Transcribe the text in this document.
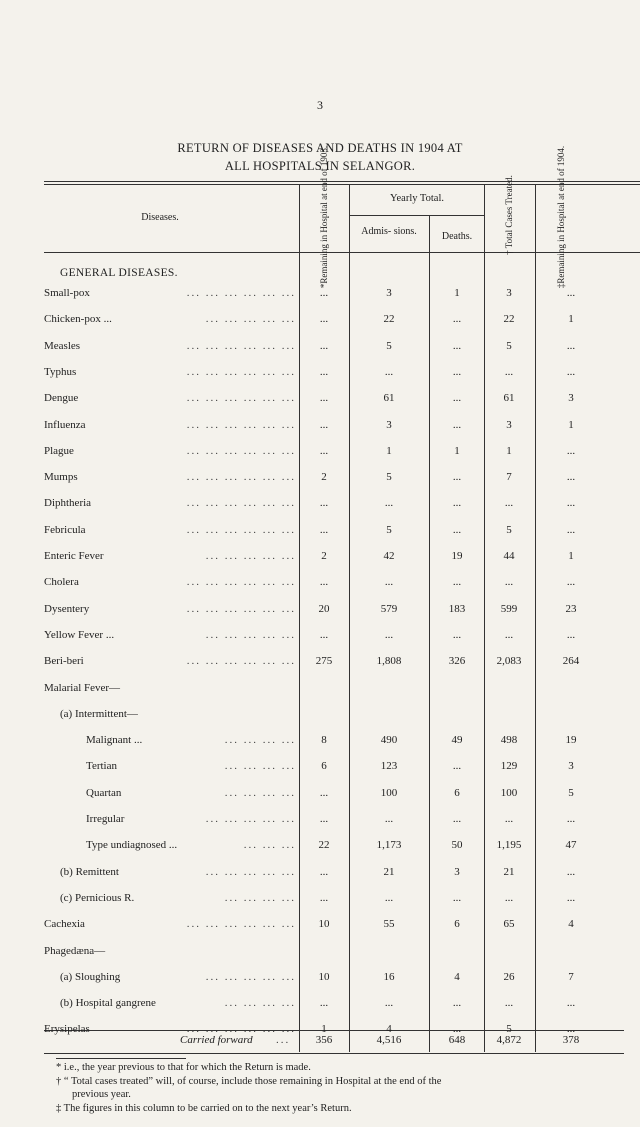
3
RETURN OF DISEASES AND DEATHS IN 1904 AT
ALL HOSPITALS IN SELANGOR.
Diseases.	*Remaining in Hospital at end of 1903.	Yearly Total.
Admis- sions.	Deaths.	† Total Cases Treated.	‡Remaining in Hospital at end of 1904.
GENERAL DISEASES.
Small-pox	... ... ... ... ... ...	...	3	1	3	...
Chicken-pox ...	... ... ... ... ...	...	22	...	22	1
Measles	... ... ... ... ... ...	...	5	...	5	...
Typhus	... ... ... ... ... ...	...	...	...	...	...
Dengue	... ... ... ... ... ...	...	61	...	61	3
Influenza	... ... ... ... ... ...	...	3	...	3	1
Plague	... ... ... ... ... ...	...	1	1	1	...
Mumps	... ... ... ... ... ...	2	5	...	7	...
Diphtheria	... ... ... ... ... ...	...	...	...	...	...
Febricula	... ... ... ... ... ...	...	5	...	5	...
Enteric Fever	... ... ... ... ...	2	42	19	44	1
Cholera	... ... ... ... ... ...	...	...	...	...	...
Dysentery	... ... ... ... ... ...	20	579	183	599	23
Yellow Fever ...	... ... ... ... ...	...	...	...	...	...
Beri-beri	... ... ... ... ... ...	275	1,808	326	2,083	264
Malarial Fever—
(a) Intermittent—
Malignant ...	... ... ... ...	8	490	49	498	19
Tertian	... ... ... ...	6	123	...	129	3
Quartan	... ... ... ...	...	100	6	100	5
Irregular	... ... ... ... ...	...	...	...	...	...
Type undiagnosed ...	... ... ...	22	1,173	50	1,195	47
(b) Remittent	... ... ... ... ...	...	21	3	21	...
(c) Pernicious R.	... ... ... ...	...	...	...	...	...
Cachexia	... ... ... ... ... ...	10	55	6	65	4
Phagedæna—
(a) Sloughing	... ... ... ... ...	10	16	4	26	7
(b) Hospital gangrene	... ... ... ...	...	...	...	...	...
Erysipelas	... ... ... ... ... ...	1	4	...	5	...
Carried forward ...	356	4,516	648	4,872	378
* i.e., the year previous to that for which the Return is made.
† “ Total cases treated” will, of course, include those remaining in Hospital at the end of the
previous year.
‡ The figures in this column to be carried on to the next year’s Return.
